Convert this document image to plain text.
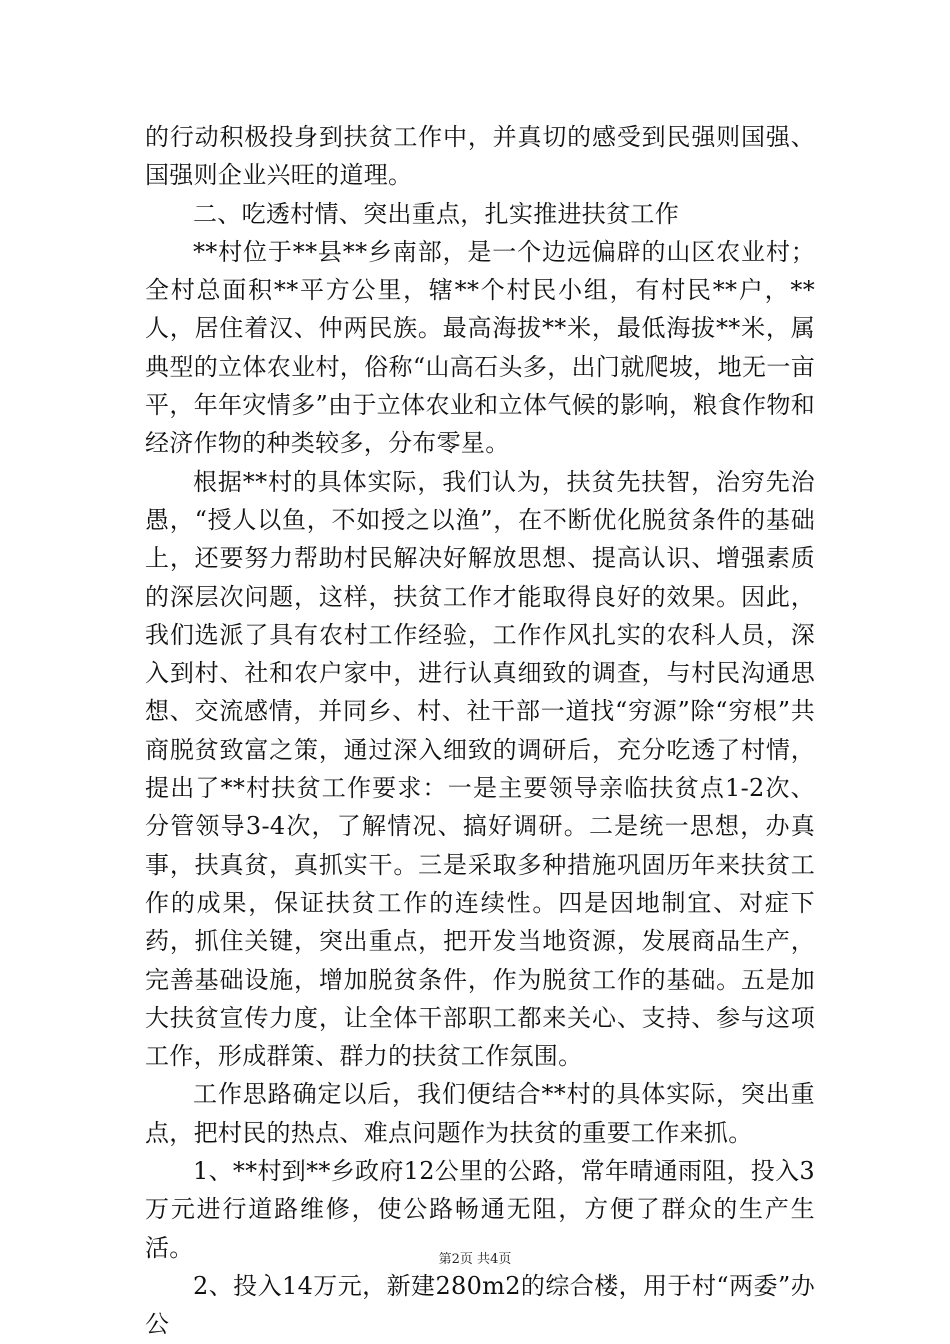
的行动积极投身到扶贫工作中，并真切的感受到民强则国强、国强则企业兴旺的道理。

二、吃透村情、突出重点，扎实推进扶贫工作

**村位于**县**乡南部，是一个边远偏辟的山区农业村；全村总面积**平方公里，辖**个村民小组，有村民**户，**人，居住着汉、仲两民族。最高海拔**米，最低海拔**米，属典型的立体农业村，俗称“山高石头多，出门就爬坡，地无一亩平，年年灾情多”由于立体农业和立体气候的影响，粮食作物和经济作物的种类较多，分布零星。

根据**村的具体实际，我们认为，扶贫先扶智，治穷先治愚，“授人以鱼，不如授之以渔”，在不断优化脱贫条件的基础上，还要努力帮助村民解决好解放思想、提高认识、增强素质的深层次问题，这样，扶贫工作才能取得良好的效果。因此，我们选派了具有农村工作经验，工作作风扎实的农科人员，深入到村、社和农户家中，进行认真细致的调查，与村民沟通思想、交流感情，并同乡、村、社干部一道找“穷源”除“穷根”共商脱贫致富之策，通过深入细致的调研后，充分吃透了村情，提出了**村扶贫工作要求：一是主要领导亲临扶贫点1-2次、分管领导3-4次，了解情况、搞好调研。二是统一思想，办真事，扶真贫，真抓实干。三是采取多种措施巩固历年来扶贫工作的成果，保证扶贫工作的连续性。四是因地制宜、对症下药，抓住关键，突出重点，把开发当地资源，发展商品生产，完善基础设施，增加脱贫条件，作为脱贫工作的基础。五是加大扶贫宣传力度，让全体干部职工都来关心、支持、参与这项工作，形成群策、群力的扶贫工作氛围。

工作思路确定以后，我们便结合**村的具体实际，突出重点，把村民的热点、难点问题作为扶贫的重要工作来抓。

1、**村到**乡政府12公里的公路，常年晴通雨阻，投入3万元进行道路维修，使公路畅通无阻，方便了群众的生产生活。

2、投入14万元，新建280m2的综合楼，用于村“两委”办公

第2页 共4页
